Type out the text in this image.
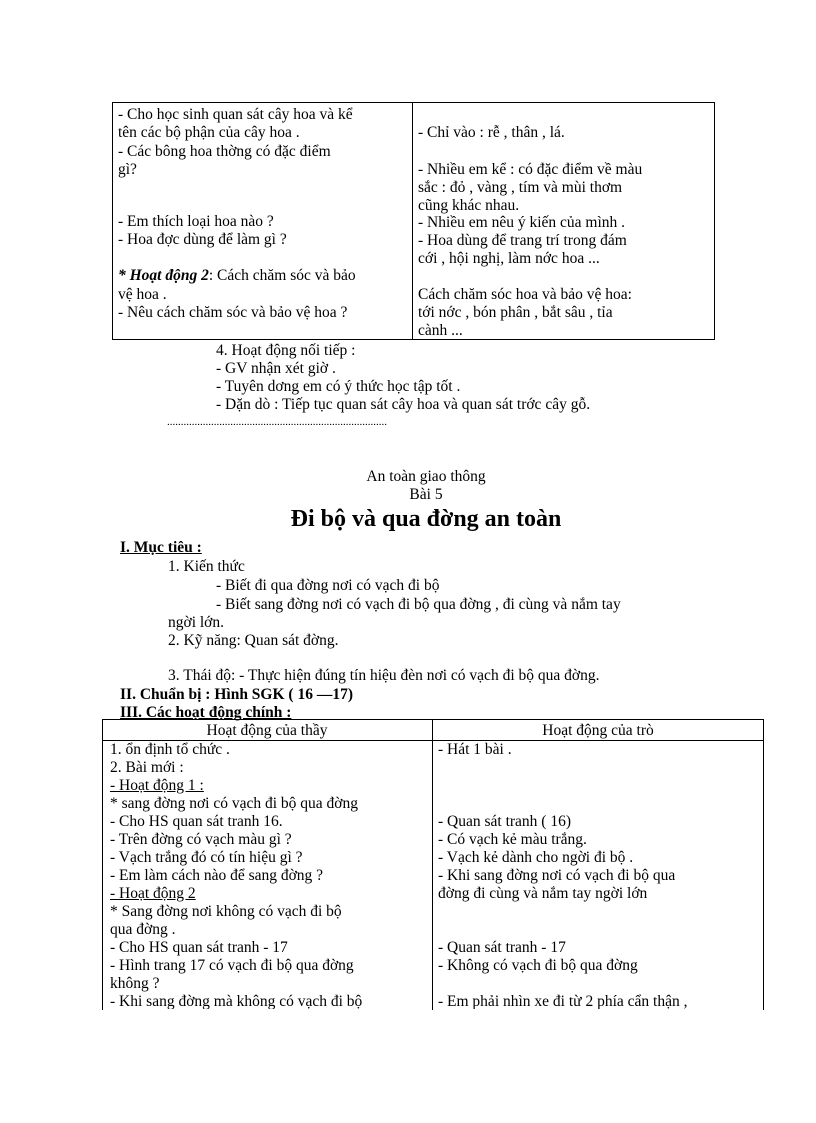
- Cho học sinh quan sát cây hoa và kể
tên các bộ phận của cây hoa .
- Các bông hoa thờng có đặc điểm
gì?
- Em thích loại hoa nào ?
- Hoa đợc dùng để làm gì ?
* Hoạt động 2: Cách chăm sóc và bảo
vệ hoa .
- Nêu cách chăm sóc và bảo vệ hoa ?
- Chỉ vào : rễ , thân , lá.
- Nhiều em kể : có đặc điểm về màu
sắc : đỏ , vàng , tím và mùi thơm
cũng khác nhau.
- Nhiều em nêu ý kiến của mình .
- Hoa dùng để trang trí trong đám
cới , hội nghị, làm nớc hoa ...
Cách chăm sóc hoa và bảo vệ hoa:
tới nớc , bón phân , bắt sâu , tỉa
cành ...
4. Hoạt động nối tiếp :
- GV nhận xét giờ .
- Tuyên dơng em có ý thức học tập tốt .
- Dặn dò : Tiếp tục quan sát cây hoa và quan sát trớc cây gỗ.
................................................................................
An toàn giao thông
Bài 5
Đi bộ và qua đờng an toàn
I. Mục tiêu :
1. Kiến thức
- Biết đi qua đờng nơi có vạch đi bộ
- Biết sang đờng nơi có vạch đi bộ qua đờng , đi cùng và nắm tay
ngời lớn.
2. Kỹ năng: Quan sát đờng.
3. Thái độ: - Thực hiện đúng tín hiệu đèn nơi có vạch đi bộ qua đờng.
II. Chuẩn bị : Hình SGK ( 16 —17)
III. Các hoạt động chính :
Hoạt động của thầy	Hoạt động của trò
1. ổn định tổ chức .
2. Bài mới :
- Hoạt động 1 :
* sang đờng nơi có vạch đi bộ qua đờng
- Cho HS quan sát tranh 16.
- Trên đờng có vạch màu gì ?
- Vạch trắng đó có tín hiệu gì ?
- Em làm cách nào để sang đờng ?
- Hoạt động 2
* Sang đờng nơi không có vạch đi bộ
qua đờng .
- Cho HS quan sát tranh - 17
- Hình trang 17 có vạch đi bộ qua đờng
không ?
- Khi sang đờng mà không có vạch đi bộ
- Hát 1 bài .
- Quan sát tranh ( 16)
- Có vạch kẻ màu trắng.
- Vạch kẻ dành cho ngời đi bộ .
- Khi sang đờng nơi có vạch đi bộ qua
đờng đi cùng và nắm tay ngời lớn
- Quan sát tranh - 17
- Không có vạch đi bộ qua đờng
- Em phải nhìn xe đi từ 2 phía cẩn thận ,
